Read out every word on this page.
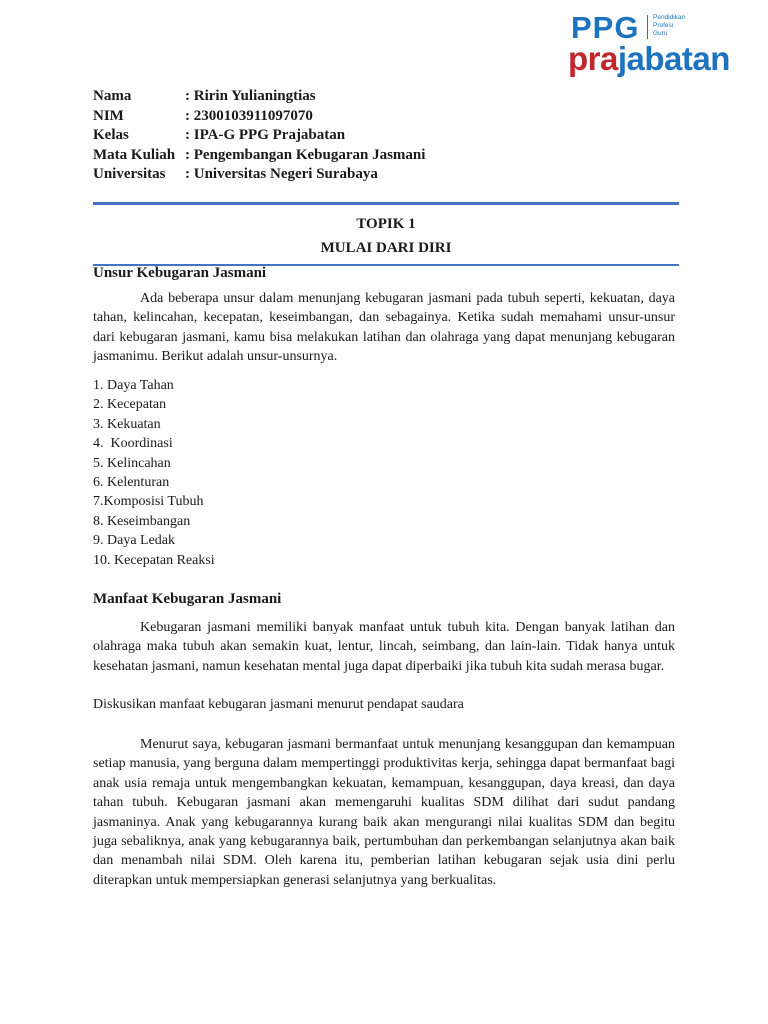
PPG Pendidikan
Profesi
Guru
prajabatan
Nama	: Ririn Yulianingtias
NIM	: 2300103911097070
Kelas	: IPA-G PPG Prajabatan
Mata Kuliah : Pengembangan Kebugaran Jasmani
Universitas	: Universitas Negeri Surabaya
TOPIK 1
MULAI DARI DIRI
Unsur Kebugaran Jasmani

Ada beberapa unsur dalam menunjang kebugaran jasmani pada tubuh seperti, kekuatan, daya tahan, kelincahan, kecepatan, keseimbangan, dan sebagainya. Ketika sudah memahami unsur-unsur dari kebugaran jasmani, kamu bisa melakukan latihan dan olahraga yang dapat menunjang kebugaran jasmanimu. Berikut adalah unsur-unsurnya.

1. Daya Tahan
2. Kecepatan
3. Kekuatan
4.  Koordinasi
5. Kelincahan
6. Kelenturan
7.Komposisi Tubuh
8. Keseimbangan
9. Daya Ledak
10. Kecepatan Reaksi
Manfaat Kebugaran Jasmani

Kebugaran jasmani memiliki banyak manfaat untuk tubuh kita. Dengan banyak latihan dan olahraga maka tubuh akan semakin kuat, lentur, lincah, seimbang, dan lain-lain. Tidak hanya untuk kesehatan jasmani, namun kesehatan mental juga dapat diperbaiki jika tubuh kita sudah merasa bugar.

Diskusikan manfaat kebugaran jasmani menurut pendapat saudara

Menurut saya, kebugaran jasmani bermanfaat untuk menunjang kesanggupan dan kemampuan setiap manusia, yang berguna dalam mempertinggi produktivitas kerja, sehingga dapat bermanfaat bagi anak usia remaja untuk mengembangkan kekuatan, kemampuan, kesanggupan, daya kreasi, dan daya tahan tubuh. Kebugaran jasmani akan memengaruhi kualitas SDM dilihat dari sudut pandang jasmaninya. Anak yang kebugarannya kurang baik akan mengurangi nilai kualitas SDM dan begitu juga sebaliknya, anak yang kebugarannya baik, pertumbuhan dan perkembangan selanjutnya akan baik dan menambah nilai SDM. Oleh karena itu, pemberian latihan kebugaran sejak usia dini perlu diterapkan untuk mempersiapkan generasi selanjutnya yang berkualitas.
